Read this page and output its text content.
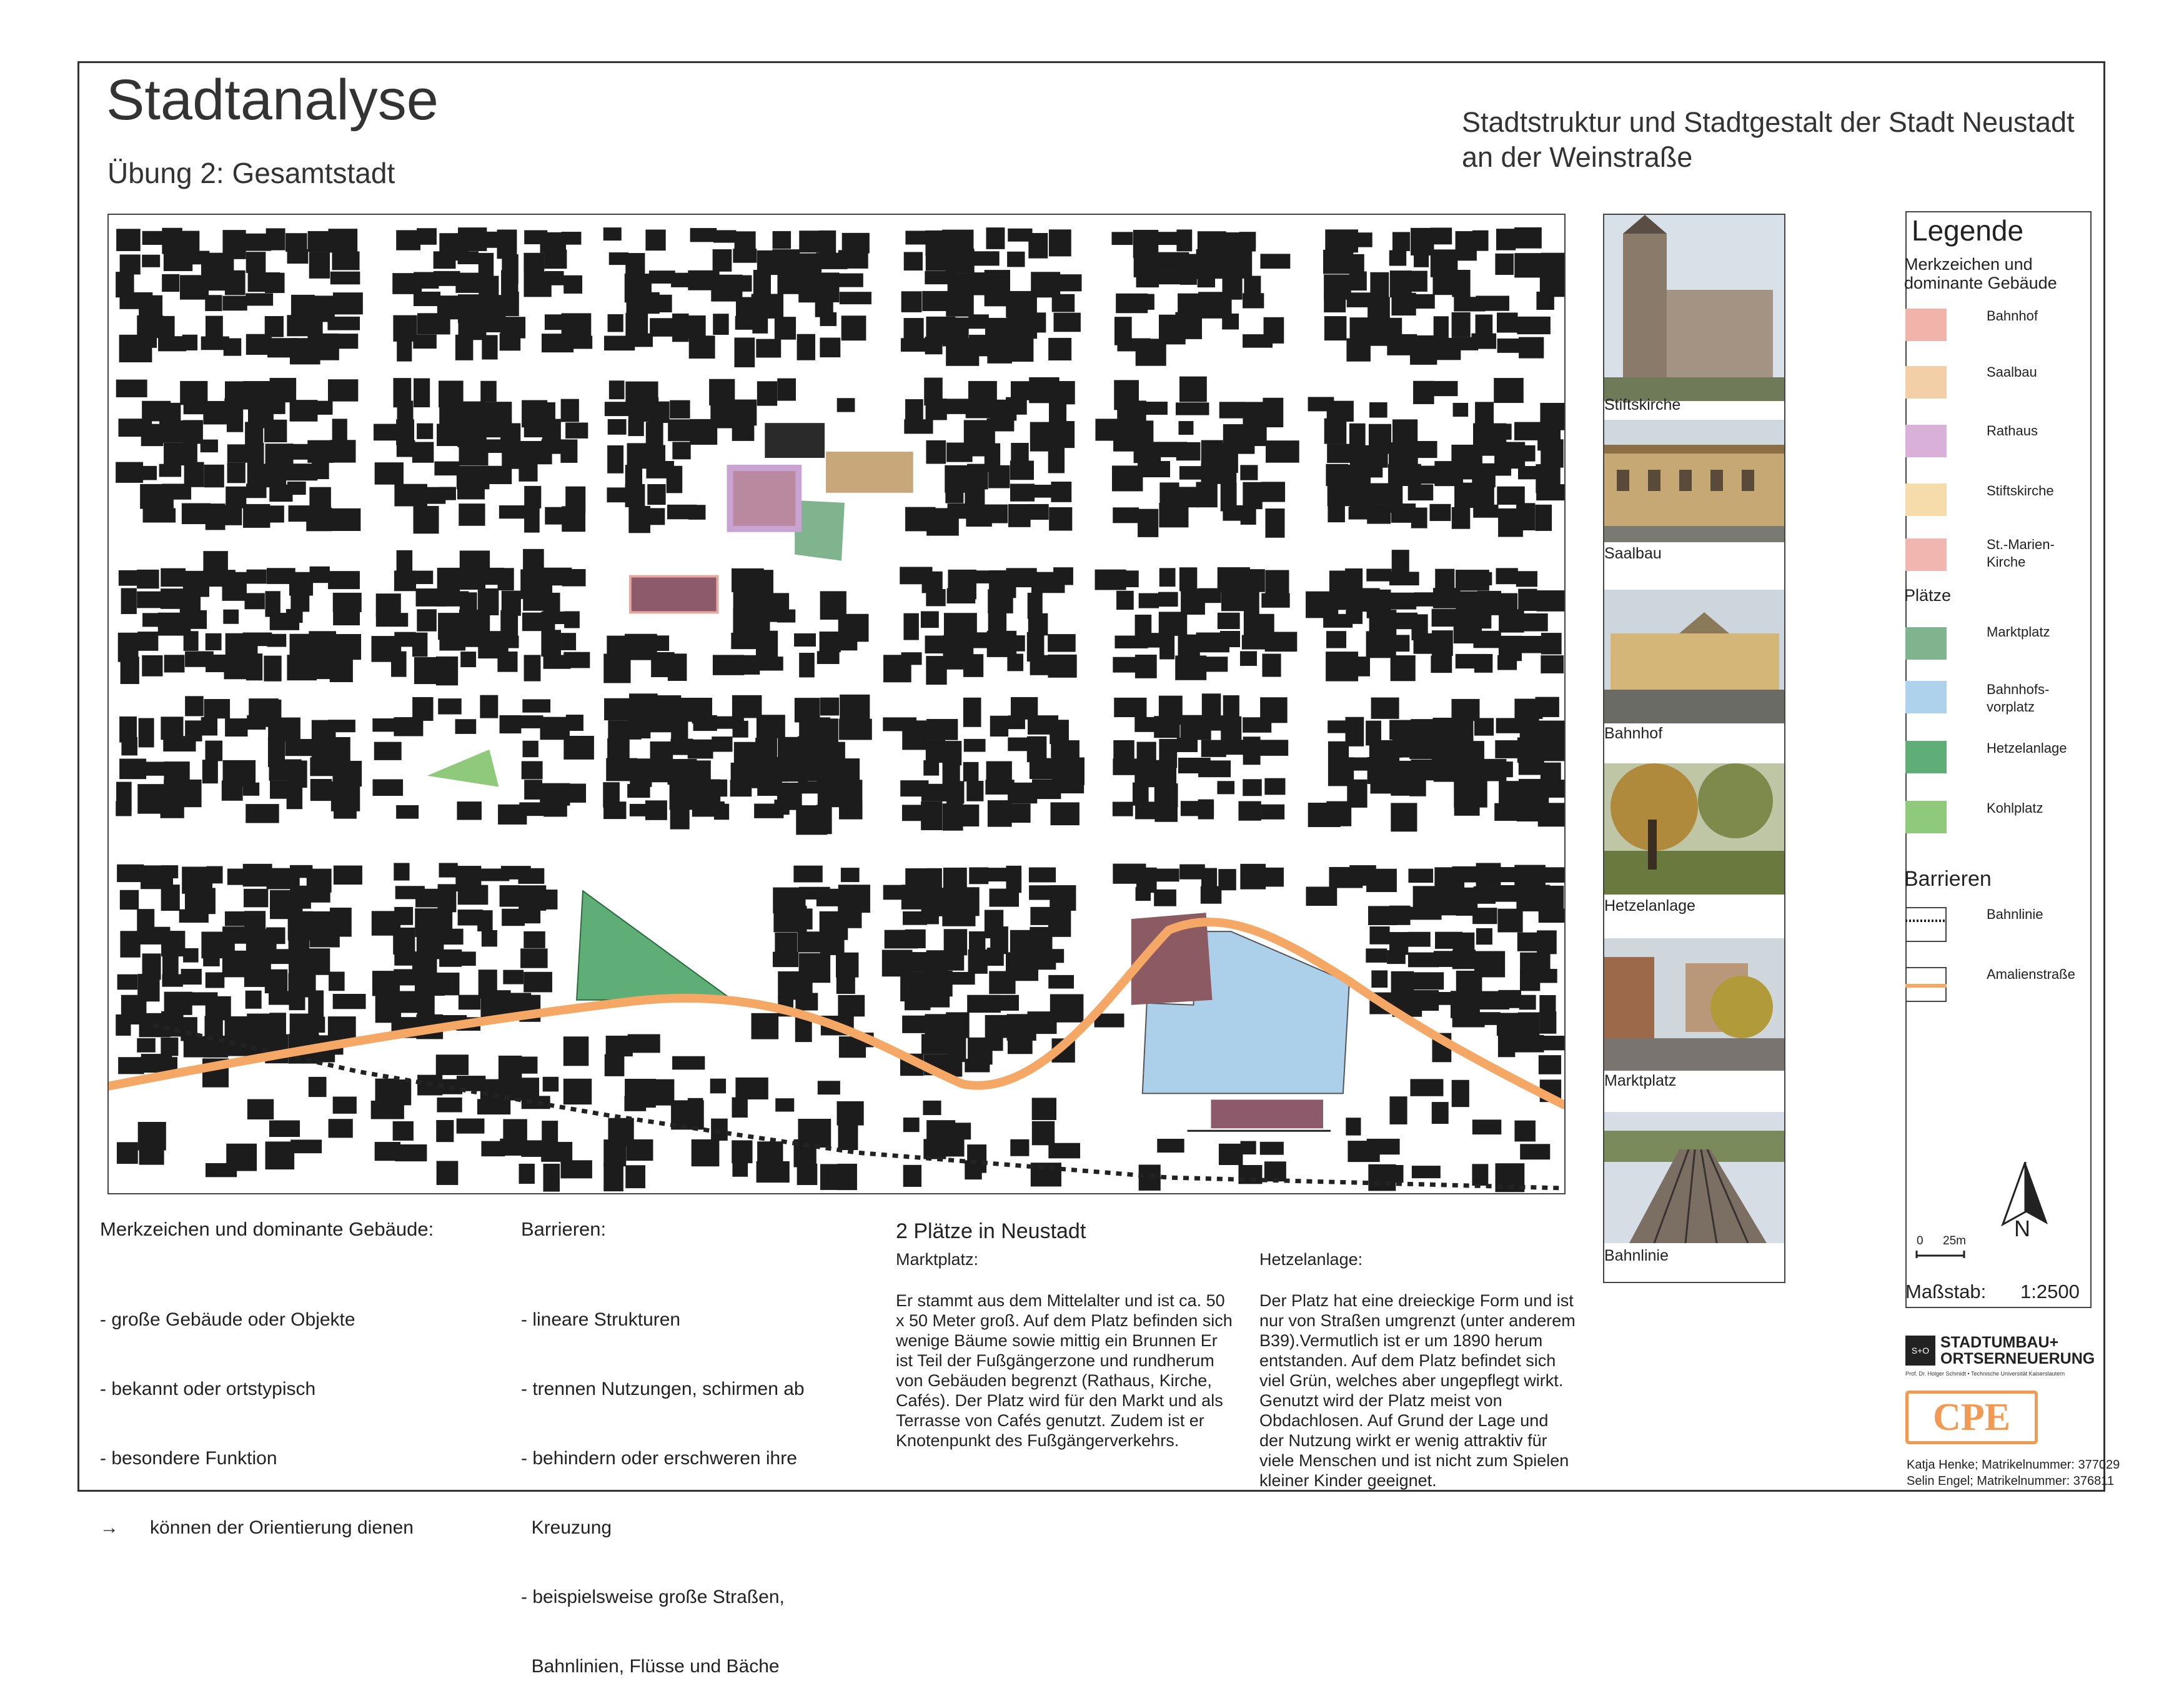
Stadtanalyse
Übung 2: Gesamtstadt
Stadtstruktur und Stadtgestalt der Stadt Neustadt
an der Weinstraße
Stiftskirche
Saalbau
Bahnhof
Hetzelanlage
Marktplatz
Bahnlinie
Legende
Merkzeichen und dominante Gebäude
Bahnhof
Saalbau
Rathaus
Stiftskirche
St.-Marien-Kirche
Plätze
Marktplatz
Bahnhofs-vorplatz
Hetzelanlage
Kohlplatz
Barrieren
Bahnlinie
Amalienstraße
N
0 25m
Maßstab: 1:2500
S+O STADTUMBAU+
ORTSERNEUERUNG
Prof. Dr. Holger Schmidt • Technische Universität Kaiserslautern
CPE
Katja Henke; Matrikelnummer: 377029
Selin Engel; Matrikelnummer: 376811
Merkzeichen und dominante Gebäude:

- große Gebäude oder Objekte

- bekannt oder ortstypisch

- besondere Funktion

→      können der Orientierung dienen

Barrieren:

- lineare Strukturen

- trennen Nutzungen, schirmen ab

- behindern oder erschweren ihre

Kreuzung

- beispielsweise große Straßen,

Bahnlinien, Flüsse und Bäche

2 Plätze in Neustadt
Marktplatz:
Er stammt aus dem Mittelalter und ist ca. 50
x 50 Meter groß. Auf dem Platz befinden sich
wenige Bäume sowie mittig ein Brunnen Er
ist Teil der Fußgängerzone und rundherum
von Gebäuden begrenzt (Rathaus, Kirche,
Cafés). Der Platz wird für den Markt und als
Terrasse von Cafés genutzt. Zudem ist er
Knotenpunkt des Fußgängerverkehrs.
Hetzelanlage:
Der Platz hat eine dreieckige Form und ist
nur von Straßen umgrenzt (unter anderem
B39).Vermutlich ist er um 1890 herum
entstanden. Auf dem Platz befindet sich
viel Grün, welches aber ungepflegt wirkt.
Genutzt wird der Platz meist von
Obdachlosen. Auf Grund der Lage und
der Nutzung wirkt er wenig attraktiv für
viele Menschen und ist nicht zum Spielen
kleiner Kinder geeignet.
